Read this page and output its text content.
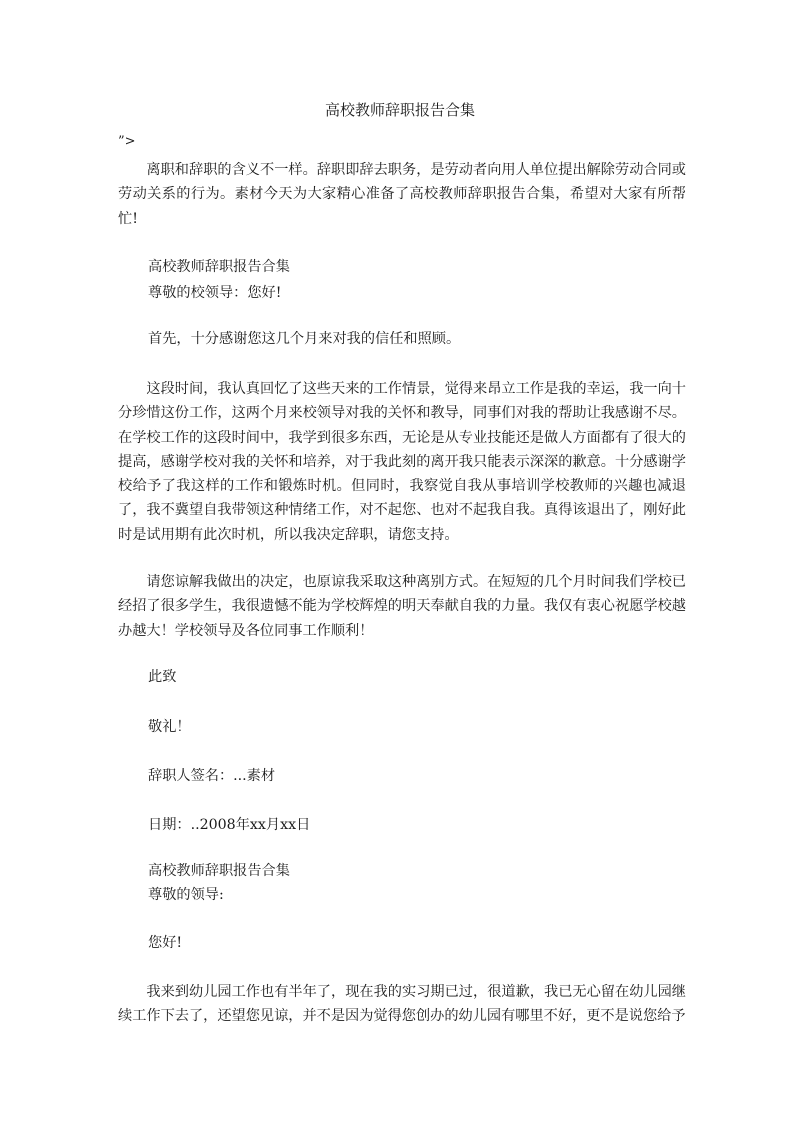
高校教师辞职报告合集
”>

离职和辞职的含义不一样。辞职即辞去职务，是劳动者向用人单位提出解除劳动合同或劳动关系的行为。素材今天为大家精心准备了高校教师辞职报告合集，希望对大家有所帮忙!

高校教师辞职报告合集
尊敬的校领导：您好!
首先，十分感谢您这几个月来对我的信任和照顾。

这段时间，我认真回忆了这些天来的工作情景，觉得来昂立工作是我的幸运，我一向十分珍惜这份工作，这两个月来校领导对我的关怀和教导，同事们对我的帮助让我感谢不尽。在学校工作的这段时间中，我学到很多东西，无论是从专业技能还是做人方面都有了很大的提高，感谢学校对我的关怀和培养，对于我此刻的离开我只能表示深深的歉意。十分感谢学校给予了我这样的工作和锻炼时机。但同时，我察觉自我从事培训学校教师的兴趣也减退了，我不冀望自我带领这种情绪工作，对不起您、也对不起我自我。真得该退出了，刚好此时是试用期有此次时机，所以我决定辞职，请您支持。

请您谅解我做出的决定，也原谅我采取这种离别方式。在短短的几个月时间我们学校已经招了很多学生，我很遗憾不能为学校辉煌的明天奉献自我的力量。我仅有衷心祝愿学校越办越大！学校领导及各位同事工作顺利！

此致
敬礼！
辞职人签名：...素材
日期：..2008年xx月xx日
高校教师辞职报告合集
尊敬的领导:
您好!

我来到幼儿园工作也有半年了，现在我的实习期已过，很道歉，我已无心留在幼儿园继续工作下去了，还望您见谅，并不是因为觉得您创办的幼儿园有哪里不好，更不是说您给予
